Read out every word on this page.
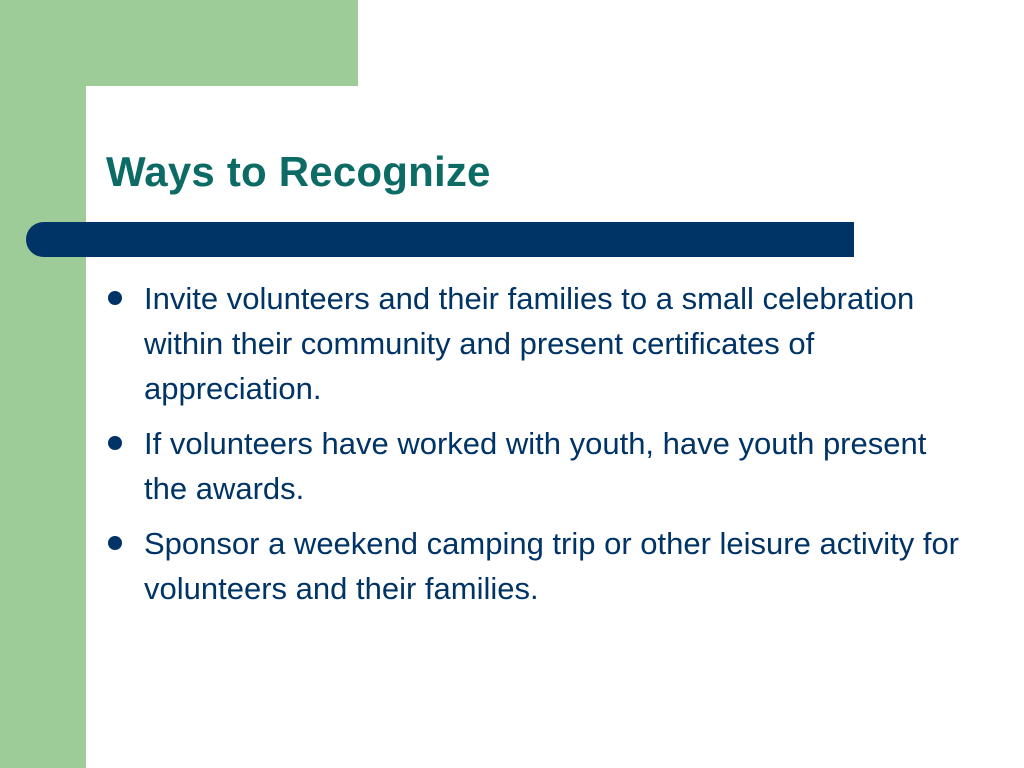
Ways to Recognize
Invite volunteers and their families to a small celebration within their community and present certificates of appreciation.
If volunteers have worked with youth, have youth present the awards.
Sponsor a weekend camping trip or other leisure activity for volunteers and their families.
